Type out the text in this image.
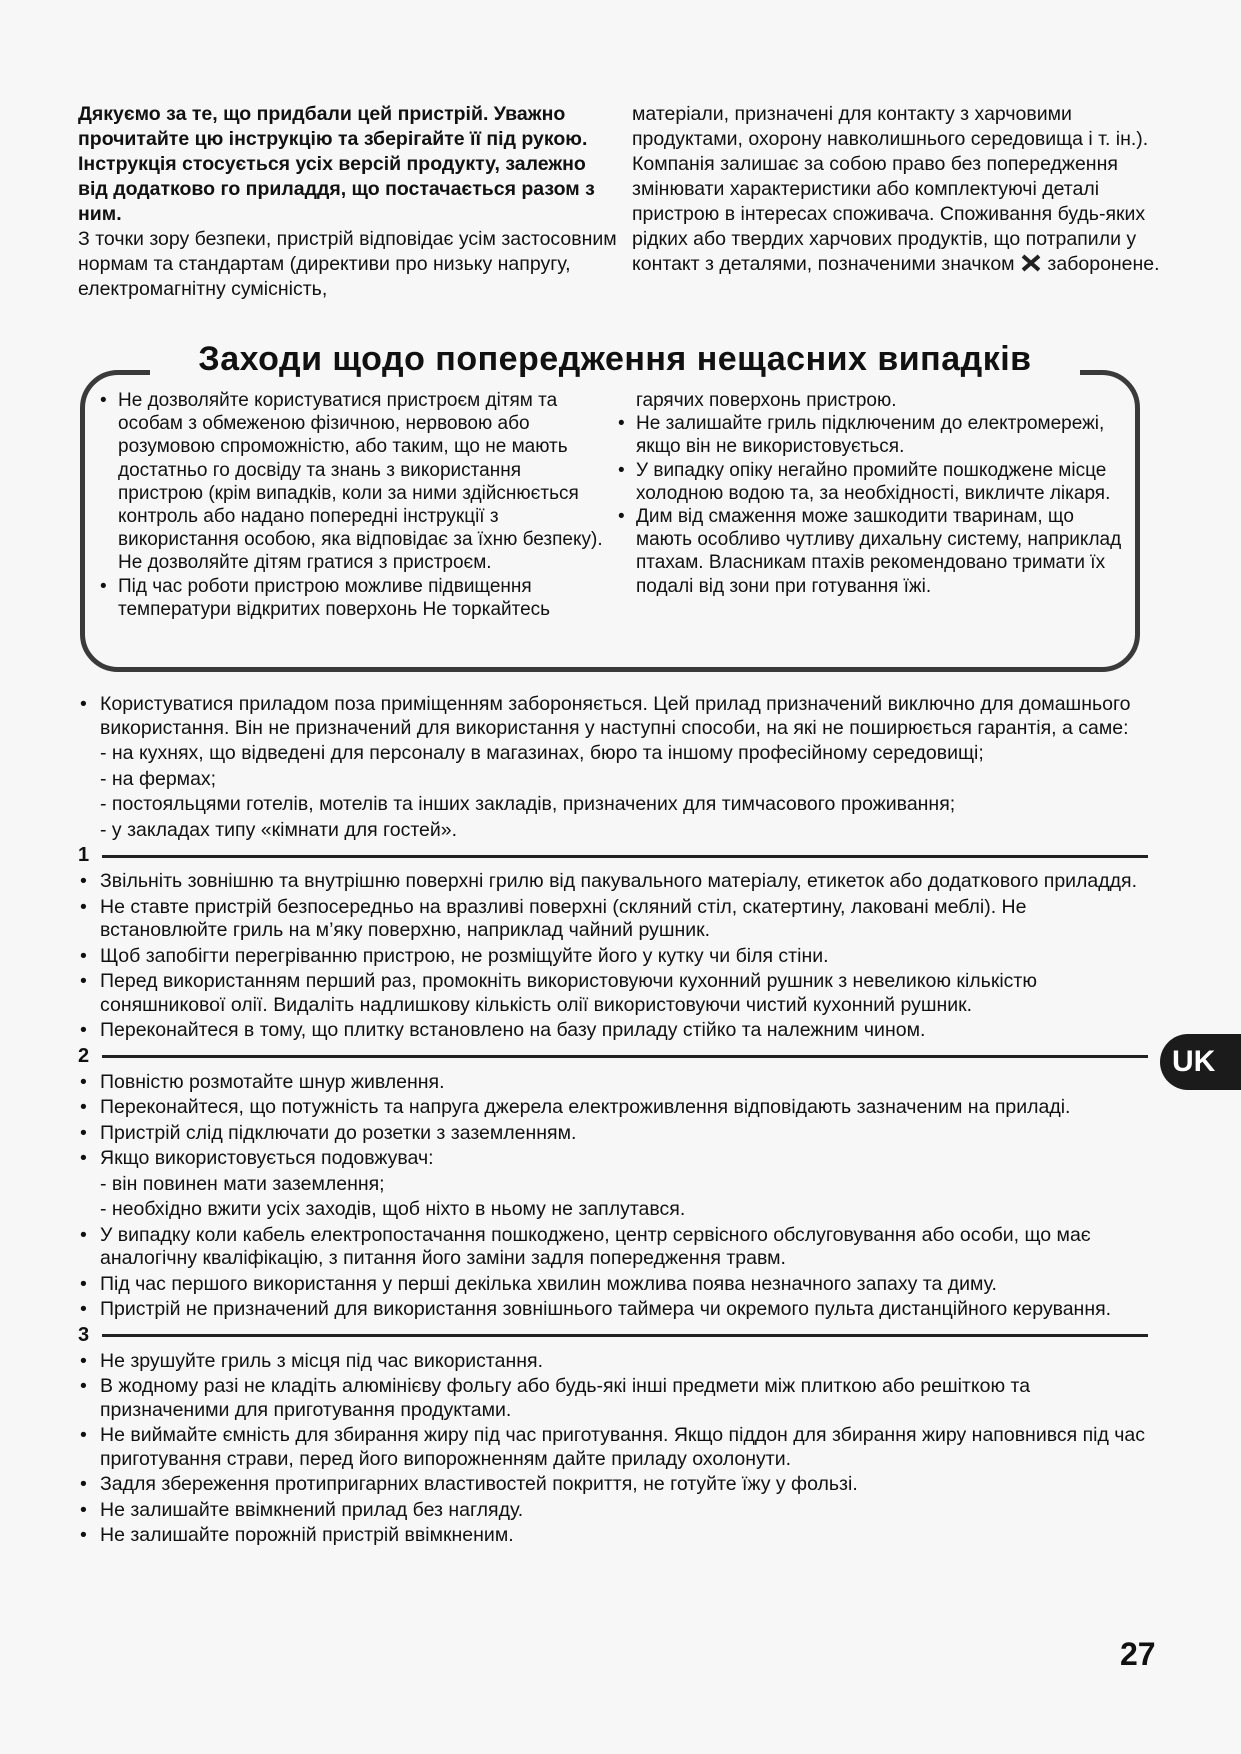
Дякуємо за те, що придбали цей пристрій. Уважно прочитайте цю інструкцію та зберігайте її під рукою. Інструкція стосується усіх версій продукту, залежно від додатково го приладдя, що постачається разом з ним.

З точки зору безпеки, пристрій відповідає усім застосовним нормам та стандартам (директиви про низьку напругу, електромагнітну сумісність,

матеріали, призначені для контакту з харчовими продуктами, охорону навколишнього середовища і т. ін.). Компанія залишає за собою право без попередження змінювати характеристики або комплектуючі деталі пристрою в інтересах споживача. Споживання будь-яких рідких або твердих харчових продуктів, що потрапили у контакт з деталями, позначеними значком заборонене.

Заходи щодо попередження нещасних випадків
• Не дозволяйте користуватися пристроєм дітям та особам з обмеженою фізичною, нервовою або розумовою спроможністю, або таким, що не мають достатньо го досвіду та знань з використання пристрою (крім випадків, коли за ними здійснюється контроль або надано попередні інструкції з використання особою, яка відповідає за їхню безпеку). Не дозволяйте дітям гратися з пристроєм.
• Під час роботи пристрою можливе підвищення температури відкритих поверхонь Не торкайтесь
гарячих поверхонь пристрою.
• Не залишайте гриль підключеним до електромережі, якщо він не використовується.
• У випадку опіку негайно промийте пошкоджене місце холодною водою та, за необхідності, викличте лікаря.
• Дим від смаження може зашкодити тваринам, що мають особливо чутливу дихальну систему, наприклад птахам. Власникам птахів рекомендовано тримати їх подалі від зони при готування їжі.
• Користуватися приладом поза приміщенням забороняється. Цей прилад призначений виключно для домашнього використання. Він не призначений для використання у наступні способи, на які не поширюється гарантія, а саме:
- на кухнях, що відведені для персоналу в магазинах, бюро та іншому професійному середовищі;
- на фермах;
- постояльцями готелів, мотелів та інших закладів, призначених для тимчасового проживання;
- у закладах типу «кімнати для гостей».
1
• Звільніть зовнішню та внутрішню поверхні грилю від пакувального матеріалу, етикеток або додаткового приладдя.
• Не ставте пристрій безпосередньо на вразливі поверхні (скляний стіл, скатертину, лаковані меблі). Не встановлюйте гриль на м’яку поверхню, наприклад чайний рушник.
• Щоб запобігти перегріванню пристрою, не розміщуйте його у кутку чи біля стіни.
• Перед використанням перший раз, промокніть використовуючи кухонний рушник з невеликою кількістю соняшникової олії. Видаліть надлишкову кількість олії використовуючи чистий кухонний рушник.
• Переконайтеся в тому, що плитку встановлено на базу приладу стійко та належним чином.
2
• Повністю розмотайте шнур живлення.
• Переконайтеся, що потужність та напруга джерела електроживлення відповідають зазначеним на приладі.
• Пристрій слід підключати до розетки з заземленням.
• Якщо використовується подовжувач:
- він повинен мати заземлення;
- необхідно вжити усіх заходів, щоб ніхто в ньому не заплутався.
• У випадку коли кабель електропостачання пошкоджено, центр сервісного обслуговування або особи, що має аналогічну кваліфікацію, з питання його заміни задля попередження травм.
• Під час першого використання у перші декілька хвилин можлива поява незначного запаху та диму.
• Пристрій не призначений для використання зовнішнього таймера чи окремого пульта дистанційного керування.
3
• Не зрушуйте гриль з місця під час використання.
• В жодному разі не кладіть алюмінієву фольгу або будь-які інші предмети між плиткою або решіткою та призначеними для приготування продуктами.
• Не виймайте ємність для збирання жиру під час приготування. Якщо піддон для збирання жиру наповнився під час приготування страви, перед його випорожненням дайте приладу охолонути.
• Задля збереження протипригарних властивостей покриття, не готуйте їжу у фользі.
• Не залишайте ввімкнений прилад без нагляду.
• Не залишайте порожній пристрій ввімкненим.
UK
27
